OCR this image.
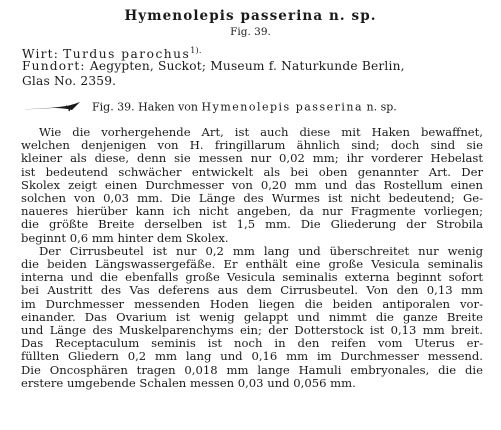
Hymenolepis passerina n. sp.
Fig. 39.
Wirt: Turdus parochus$^{1).}$
Fundort: Aegypten, Suckot; Museum f. Naturkunde Berlin,
Glas No. 2359.
Fig. 39. Haken von Hymenolepis passerina n. sp.
Wie die vorhergehende Art, ist auch diese mit Haken bewaffnet,
welchen denjenigen von H. fringillarum ähnlich sind; doch sind sie
kleiner als diese, denn sie messen nur 0,02 mm; ihr vorderer Hebelast
ist bedeutend schwächer entwickelt als bei oben genannter Art. Der
Skolex zeigt einen Durchmesser von 0,20 mm und das Rostellum einen
solchen von 0,03 mm. Die Länge des Wurmes ist nicht bedeutend; Ge-
naueres hierüber kann ich nicht angeben, da nur Fragmente vorliegen;
die größte Breite derselben ist 1,5 mm. Die Gliederung der Strobila
beginnt 0,6 mm hinter dem Skolex.
Der Cirrusbeutel ist nur 0,2 mm lang und überschreitet nur wenig
die beiden Längswassergefäße. Er enthält eine große Vesicula seminalis
interna und die ebenfalls große Vesicula seminalis externa beginnt sofort
bei Austritt des Vas deferens aus dem Cirrusbeutel. Von den 0,13 mm
im Durchmesser messenden Hoden liegen die beiden antiporalen vor-
einander. Das Ovarium ist wenig gelappt und nimmt die ganze Breite
und Länge des Muskelparenchyms ein; der Dotterstock ist 0,13 mm breit.
Das Receptaculum seminis ist noch in den reifen vom Uterus er-
füllten Gliedern 0,2 mm lang und 0,16 mm im Durchmesser messend.
Die Oncosphären tragen 0,018 mm lange Hamuli embryonales, die die
erstere umgebende Schalen messen 0,03 und 0,056 mm.
